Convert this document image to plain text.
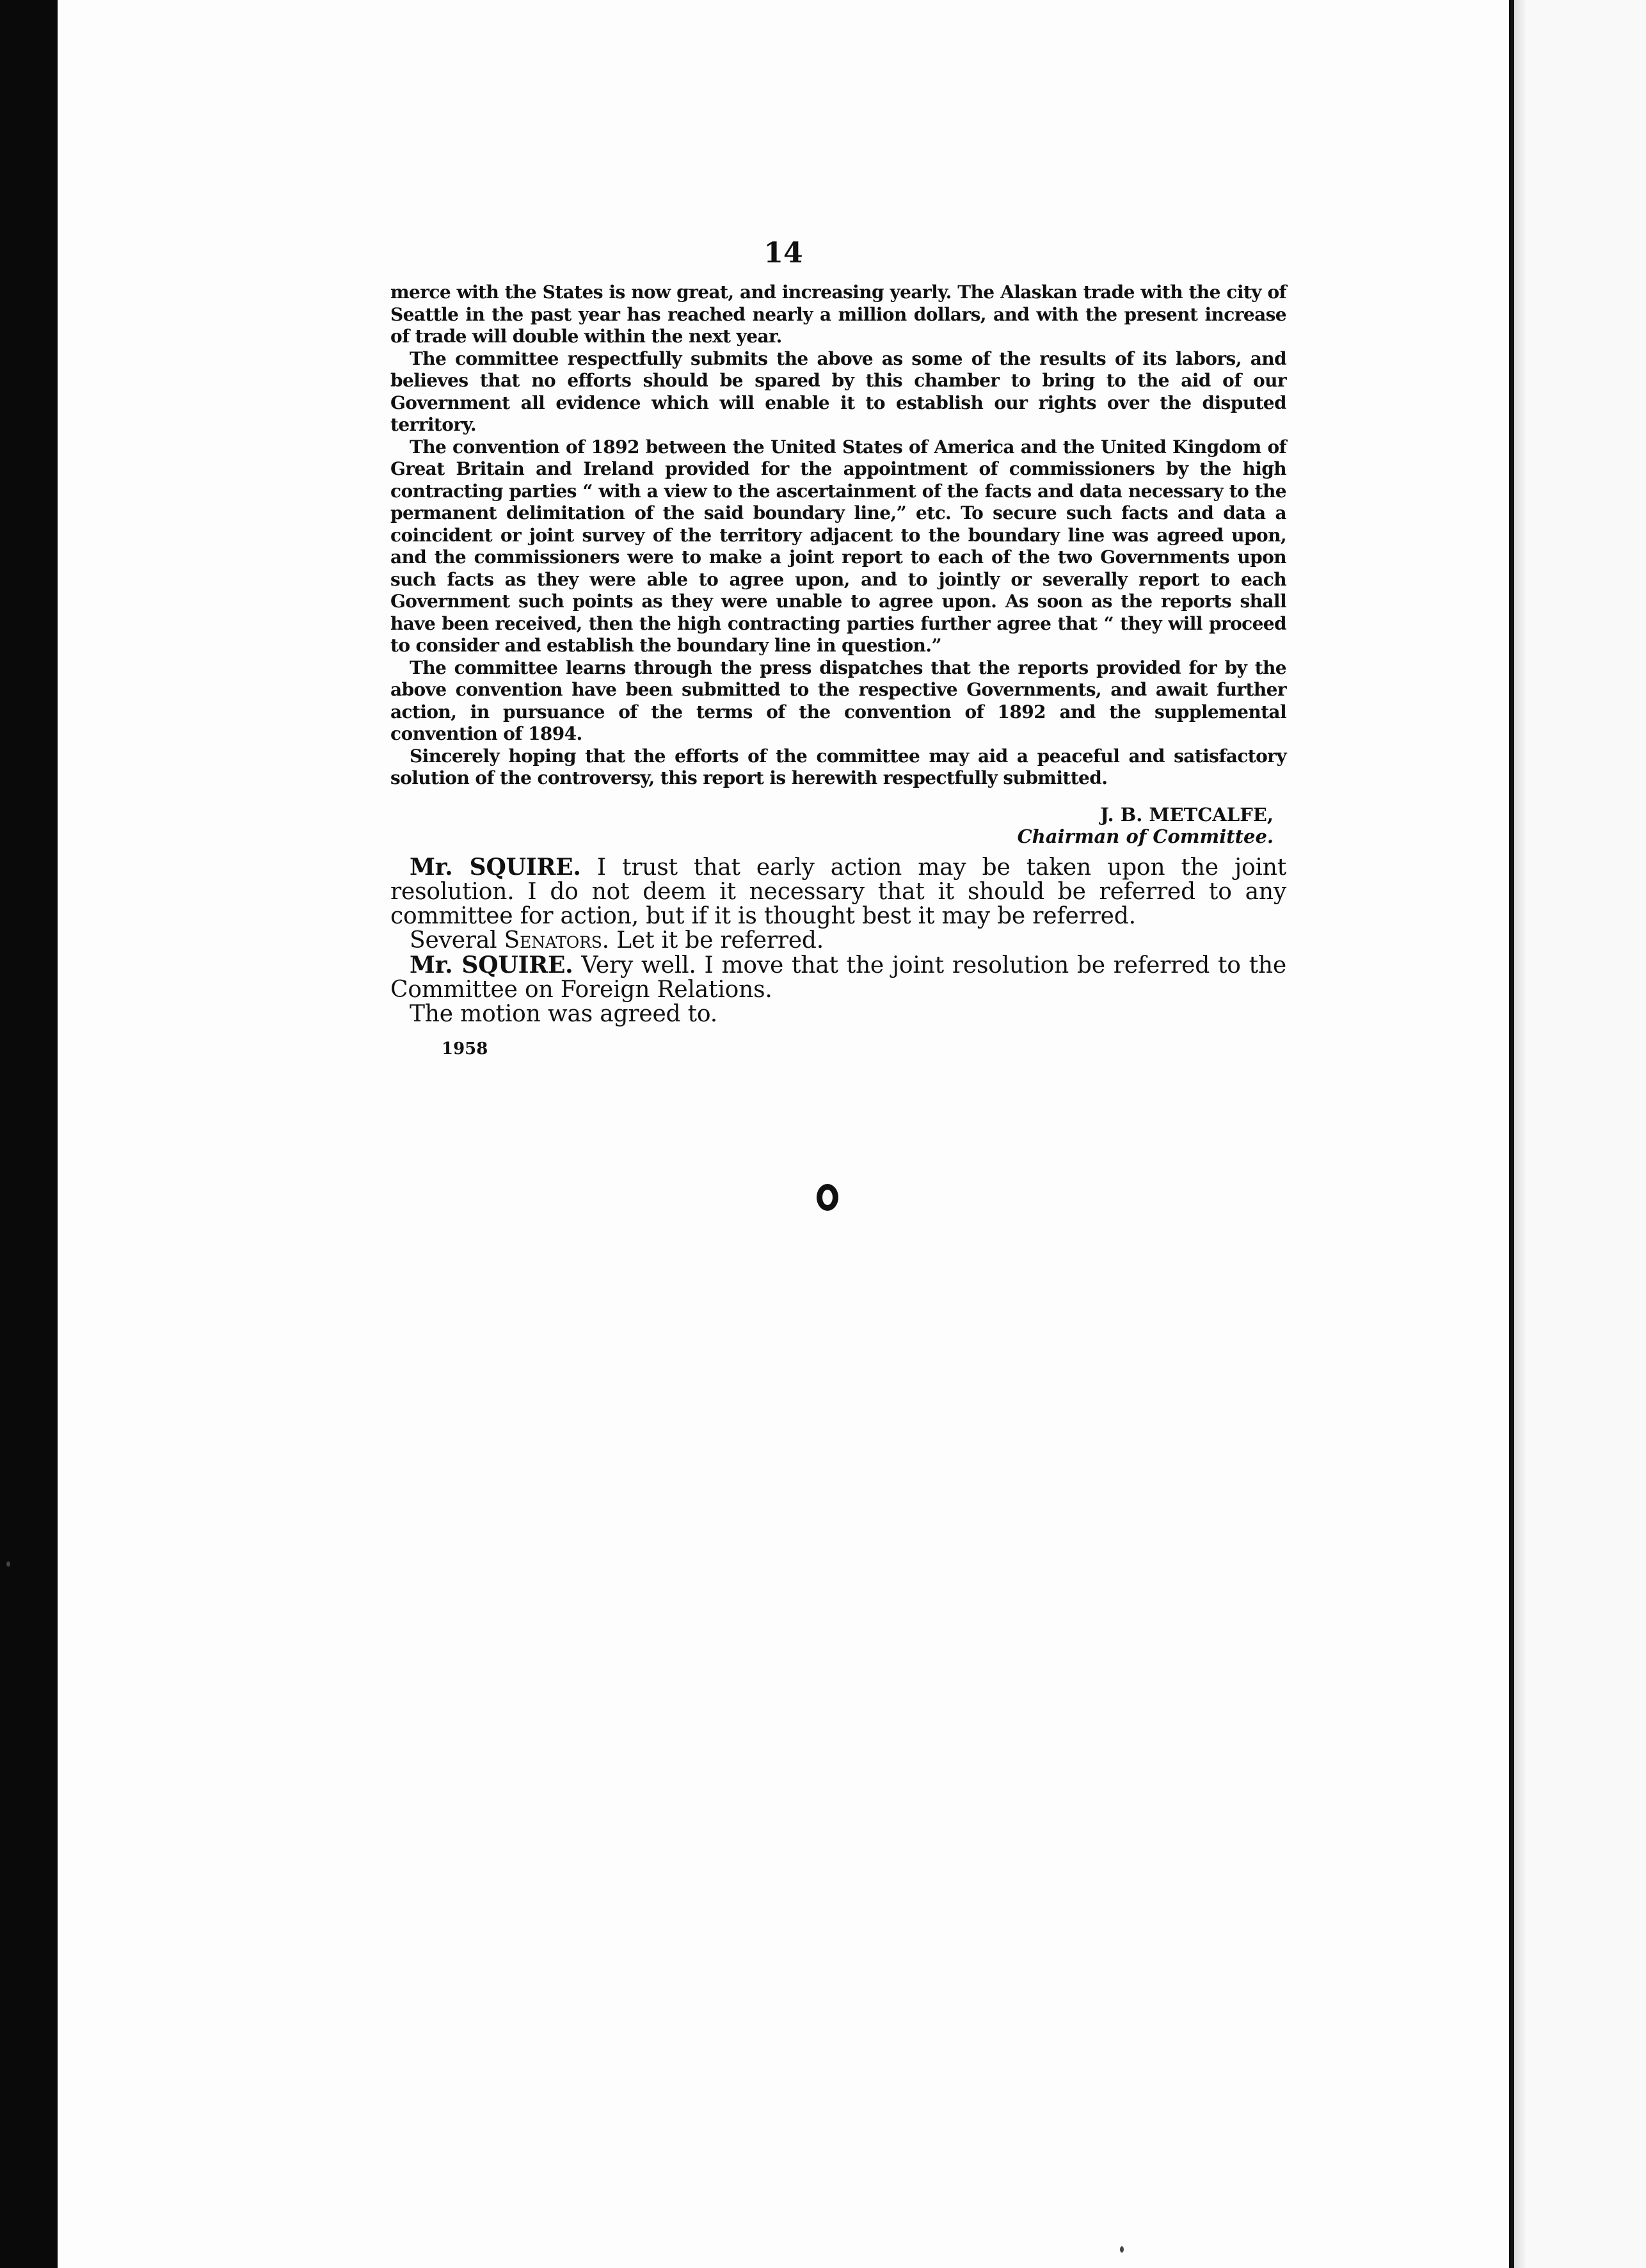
14

merce with the States is now great, and increasing yearly. The Alaskan trade with the city of Seattle in the past year has reached nearly a million dollars, and with the present increase of trade will double within the next year.

The committee respectfully submits the above as some of the results of its labors, and believes that no efforts should be spared by this chamber to bring to the aid of our Government all evidence which will enable it to establish our rights over the disputed territory.

The convention of 1892 between the United States of America and the United Kingdom of Great Britain and Ireland provided for the appointment of commissioners by the high contracting parties “ with a view to the ascertainment of the facts and data necessary to the permanent delimitation of the said boundary line,” etc. To secure such facts and data a coincident or joint survey of the territory adjacent to the boundary line was agreed upon, and the commissioners were to make a joint report to each of the two Governments upon such facts as they were able to agree upon, and to jointly or severally report to each Government such points as they were unable to agree upon. As soon as the reports shall have been received, then the high contracting parties further agree that “ they will proceed to consider and establish the boundary line in question.”

The committee learns through the press dispatches that the reports provided for by the above convention have been submitted to the respective Governments, and await further action, in pursuance of the terms of the convention of 1892 and the supplemental convention of 1894.

Sincerely hoping that the efforts of the committee may aid a peaceful and satisfactory solution of the controversy, this report is herewith respectfully submitted.

J. B. METCALFE,
Chairman of Committee.

Mr. SQUIRE. I trust that early action may be taken upon the joint resolution. I do not deem it necessary that it should be referred to any committee for action, but if it is thought best it may be referred.

Several Senators. Let it be referred.

Mr. SQUIRE. Very well. I move that the joint resolution be referred to the Committee on Foreign Relations.

The motion was agreed to.

1958
